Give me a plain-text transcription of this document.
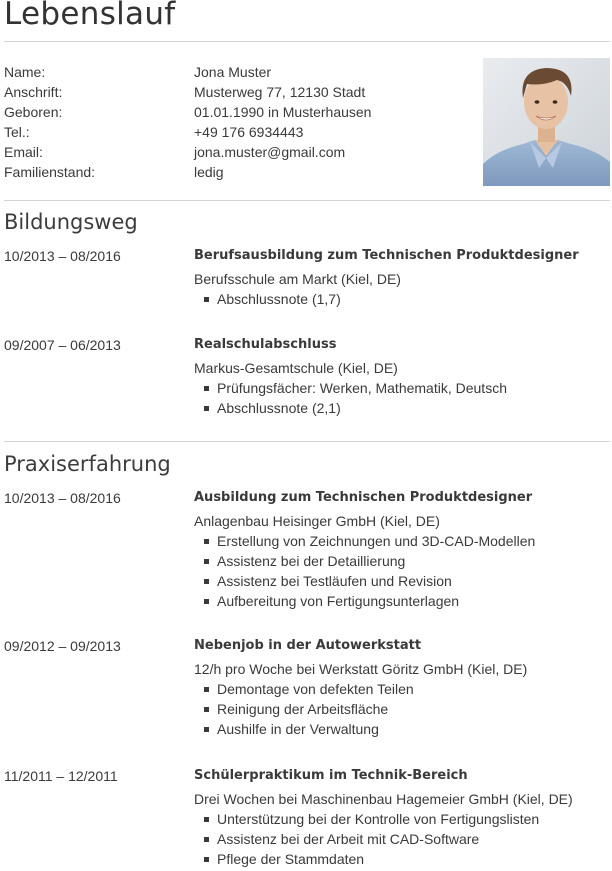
Lebenslauf
Name:	Jona Muster
Anschrift:	Musterweg 77, 12130 Stadt
Geboren:	01.01.1990 in Musterhausen
Tel.:	+49 176 6934443
Email:	jona.muster@gmail.com
Familienstand:	ledig
Bildungsweg
10/2013 – 08/2016	Berufsausbildung zum Technischen Produktdesigner
Berufsschule am Markt (Kiel, DE)
Abschlussnote (1,7)
09/2007 – 06/2013	Realschulabschluss
Markus-Gesamtschule (Kiel, DE)
Prüfungsfächer: Werken, Mathematik, Deutsch
Abschlussnote (2,1)
Praxiserfahrung
10/2013 – 08/2016	Ausbildung zum Technischen Produktdesigner
Anlagenbau Heisinger GmbH (Kiel, DE)
Erstellung von Zeichnungen und 3D-CAD-Modellen
Assistenz bei der Detaillierung
Assistenz bei Testläufen und Revision
Aufbereitung von Fertigungsunterlagen
09/2012 – 09/2013	Nebenjob in der Autowerkstatt
12/h pro Woche bei Werkstatt Göritz GmbH (Kiel, DE)
Demontage von defekten Teilen
Reinigung der Arbeitsfläche
Aushilfe in der Verwaltung
11/2011 – 12/2011	Schülerpraktikum im Technik-Bereich
Drei Wochen bei Maschinenbau Hagemeier GmbH (Kiel, DE)
Unterstützung bei der Kontrolle von Fertigungslisten
Assistenz bei der Arbeit mit CAD-Software
Pflege der Stammdaten
